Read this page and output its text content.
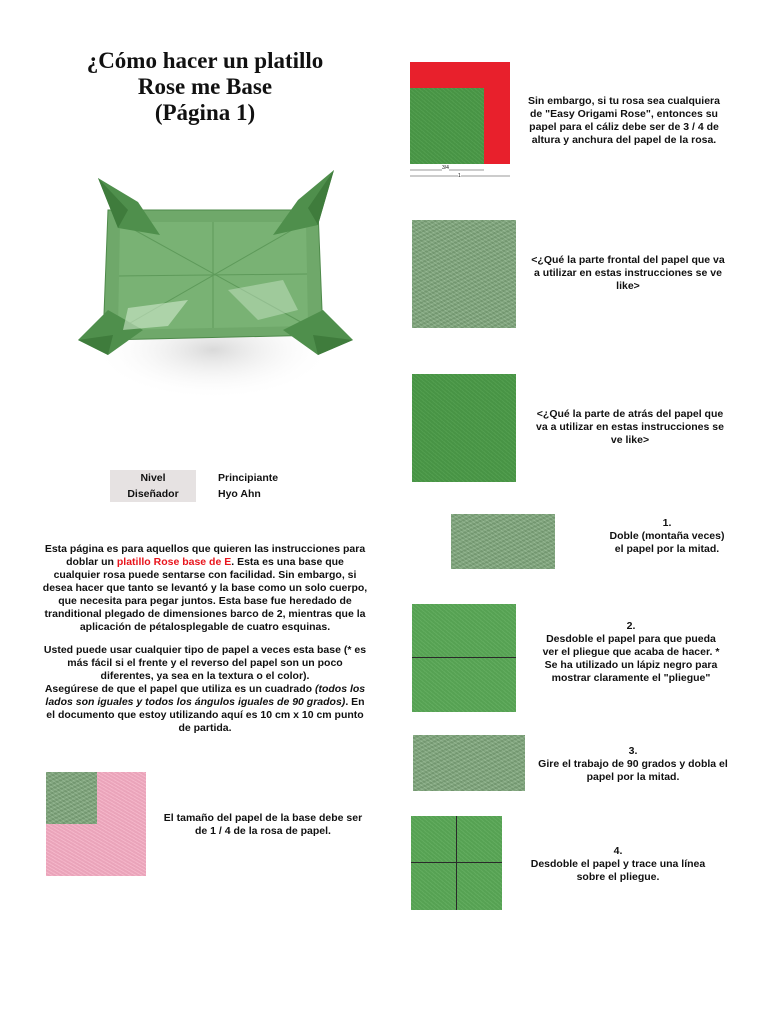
¿Cómo hacer un platillo
Rose me Base
(Página 1)
Nivel	Principiante
Diseñador	Hyo Ahn

Esta página es para aquellos que quieren las instrucciones para doblar un platillo Rose base de E. Esta es una base que cualquier rosa puede sentarse con facilidad. Sin embargo, si desea hacer que tanto se levantó y la base como un solo cuerpo, que necesita para pegar juntos. Esta base fue heredado de tranditional plegado de dimensiones barco de 2, mientras que la aplicación de pétalosplegable de cuatro esquinas.

Usted puede usar cualquier tipo de papel a veces esta base (* es más fácil si el frente y el reverso del papel son un poco diferentes, ya sea en la textura o el color).

Asegúrese de que el papel que utiliza es un cuadrado (todos los lados son iguales y todos los ángulos iguales de 90 grados). En el documento que estoy utilizando aquí es 10 cm x 10 cm punto de partida.

El tamaño del papel de la base debe ser de 1 / 4 de la rosa de papel.
3/4
1
Sin embargo, si tu rosa sea cualquiera de "Easy Origami Rose", entonces su papel para el cáliz debe ser de 3 / 4 de altura y anchura del papel de la rosa.
<¿Qué la parte frontal del papel que va a utilizar en estas instrucciones se ve like>
<¿Qué la parte de atrás del papel que va a utilizar en estas instrucciones se ve like>
1.
Doble (montaña veces) el papel por la mitad.
2.
Desdoble el papel para que pueda ver el pliegue que acaba de hacer. * Se ha utilizado un lápiz negro para mostrar claramente el "pliegue"
3.
Gire el trabajo de 90 grados y dobla el papel por la mitad.
4.
Desdoble el papel y trace una línea sobre el pliegue.
